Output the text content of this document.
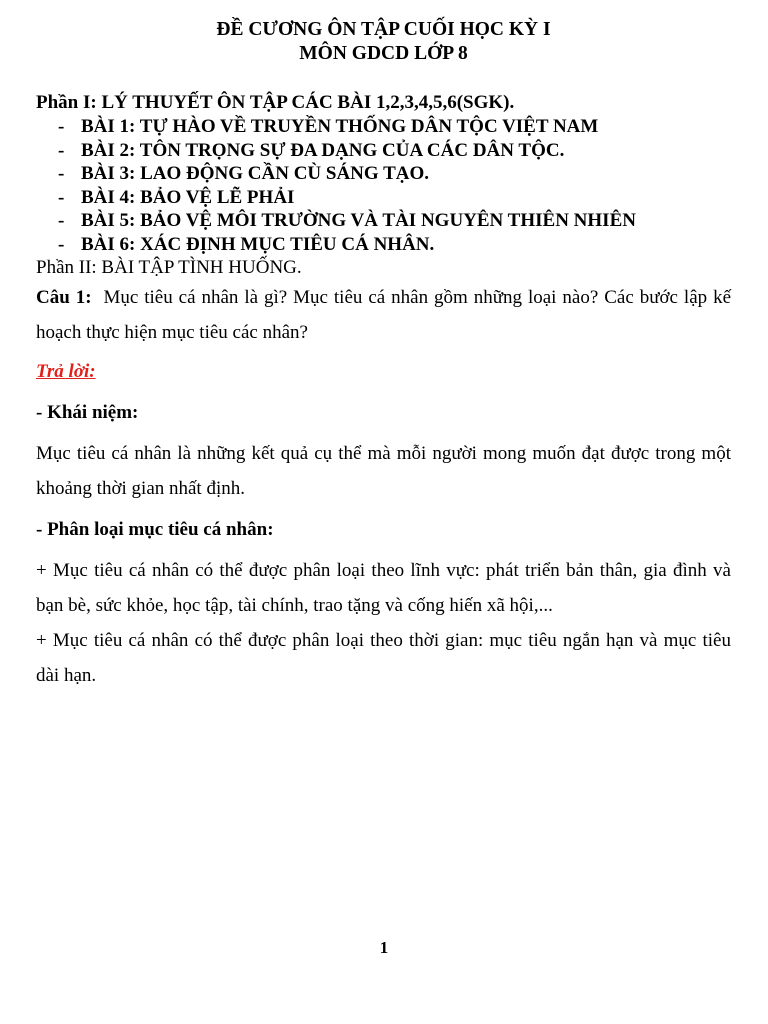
ĐỀ CƯƠNG ÔN TẬP CUỐI HỌC KỲ I
MÔN GDCD LỚP 8
Phần I: LÝ THUYẾT ÔN TẬP CÁC BÀI 1,2,3,4,5,6(SGK).
- BÀI 1: TỰ HÀO VỀ TRUYỀN THỐNG DÂN TỘC VIỆT NAM
- BÀI 2: TÔN TRỌNG SỰ ĐA DẠNG CỦA CÁC DÂN TỘC.
- BÀI 3: LAO ĐỘNG CẦN CÙ SÁNG TẠO.
- BÀI 4: BẢO VỆ LẼ PHẢI
- BÀI 5: BẢO VỆ MÔI TRƯỜNG VÀ TÀI NGUYÊN THIÊN NHIÊN
- BÀI 6: XÁC ĐỊNH MỤC TIÊU CÁ NHÂN.
Phần II: BÀI TẬP TÌNH HUỐNG.

Câu 1: Mục tiêu cá nhân là gì? Mục tiêu cá nhân gồm những loại nào? Các bước lập kế hoạch thực hiện mục tiêu các nhân?

Trả lời:
- Khái niệm:

Mục tiêu cá nhân là những kết quả cụ thể mà mỗi người mong muốn đạt được trong một khoảng thời gian nhất định.

- Phân loại mục tiêu cá nhân:

+ Mục tiêu cá nhân có thể được phân loại theo lĩnh vực: phát triển bản thân, gia đình và bạn bè, sức khỏe, học tập, tài chính, trao tặng và cống hiến xã hội,...

+ Mục tiêu cá nhân có thể được phân loại theo thời gian: mục tiêu ngắn hạn và mục tiêu dài hạn.

1
